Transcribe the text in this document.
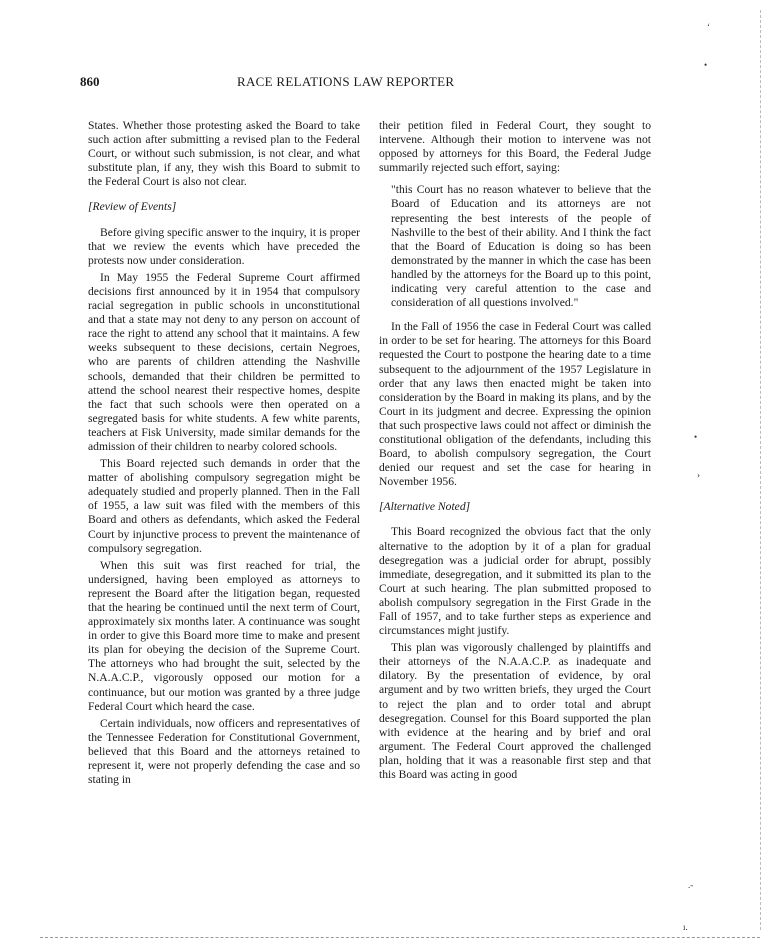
‘
•
•
›
.‑
ı.
860	RACE RELATIONS LAW REPORTER

States. Whether those protesting asked the Board to take such action after submitting a revised plan to the Federal Court, or without such submission, is not clear, and what substitute plan, if any, they wish this Board to submit to the Federal Court is also not clear.

[Review of Events]

Before giving specific answer to the inquiry, it is proper that we review the events which have preceded the protests now under consideration.

In May 1955 the Federal Supreme Court affirmed decisions first announced by it in 1954 that compulsory racial segregation in public schools in unconstitutional and that a state may not deny to any person on account of race the right to attend any school that it maintains. A few weeks subsequent to these decisions, certain Negroes, who are parents of children attending the Nashville schools, demanded that their children be permitted to attend the school nearest their respective homes, despite the fact that such schools were then operated on a segregated basis for white students. A few white parents, teachers at Fisk University, made similar demands for the admission of their children to nearby colored schools.

This Board rejected such demands in order that the matter of abolishing compulsory segregation might be adequately studied and properly planned. Then in the Fall of 1955, a law suit was filed with the members of this Board and others as defendants, which asked the Federal Court by injunctive process to prevent the maintenance of compulsory segregation.

When this suit was first reached for trial, the undersigned, having been employed as attorneys to represent the Board after the litigation began, requested that the hearing be continued until the next term of Court, approximately six months later. A continuance was sought in order to give this Board more time to make and present its plan for obeying the decision of the Supreme Court. The attorneys who had brought the suit, selected by the N.A.A.C.P., vigorously opposed our motion for a continuance, but our motion was granted by a three judge Federal Court which heard the case.

Certain individuals, now officers and representatives of the Tennessee Federation for Constitutional Government, believed that this Board and the attorneys retained to represent it, were not properly defending the case and so stating in

their petition filed in Federal Court, they sought to intervene. Although their motion to intervene was not opposed by attorneys for this Board, the Federal Judge summarily rejected such effort, saying:

"this Court has no reason whatever to believe that the Board of Education and its attorneys are not representing the best interests of the people of Nashville to the best of their ability. And I think the fact that the Board of Education is doing so has been demonstrated by the manner in which the case has been handled by the attorneys for the Board up to this point, indicating very careful attention to the case and consideration of all questions involved."

In the Fall of 1956 the case in Federal Court was called in order to be set for hearing. The attorneys for this Board requested the Court to postpone the hearing date to a time subsequent to the adjournment of the 1957 Legislature in order that any laws then enacted might be taken into consideration by the Board in making its plans, and by the Court in its judgment and decree. Expressing the opinion that such prospective laws could not affect or diminish the constitutional obligation of the defendants, including this Board, to abolish compulsory segregation, the Court denied our request and set the case for hearing in November 1956.

[Alternative Noted]

This Board recognized the obvious fact that the only alternative to the adoption by it of a plan for gradual desegregation was a judicial order for abrupt, possibly immediate, desegregation, and it submitted its plan to the Court at such hearing. The plan submitted proposed to abolish compulsory segregation in the First Grade in the Fall of 1957, and to take further steps as experience and circumstances might justify.

This plan was vigorously challenged by plaintiffs and their attorneys of the N.A.A.C.P. as inadequate and dilatory. By the presentation of evidence, by oral argument and by two written briefs, they urged the Court to reject the plan and to order total and abrupt desegregation. Counsel for this Board supported the plan with evidence at the hearing and by brief and oral argument. The Federal Court approved the challenged plan, holding that it was a reasonable first step and that this Board was acting in good
